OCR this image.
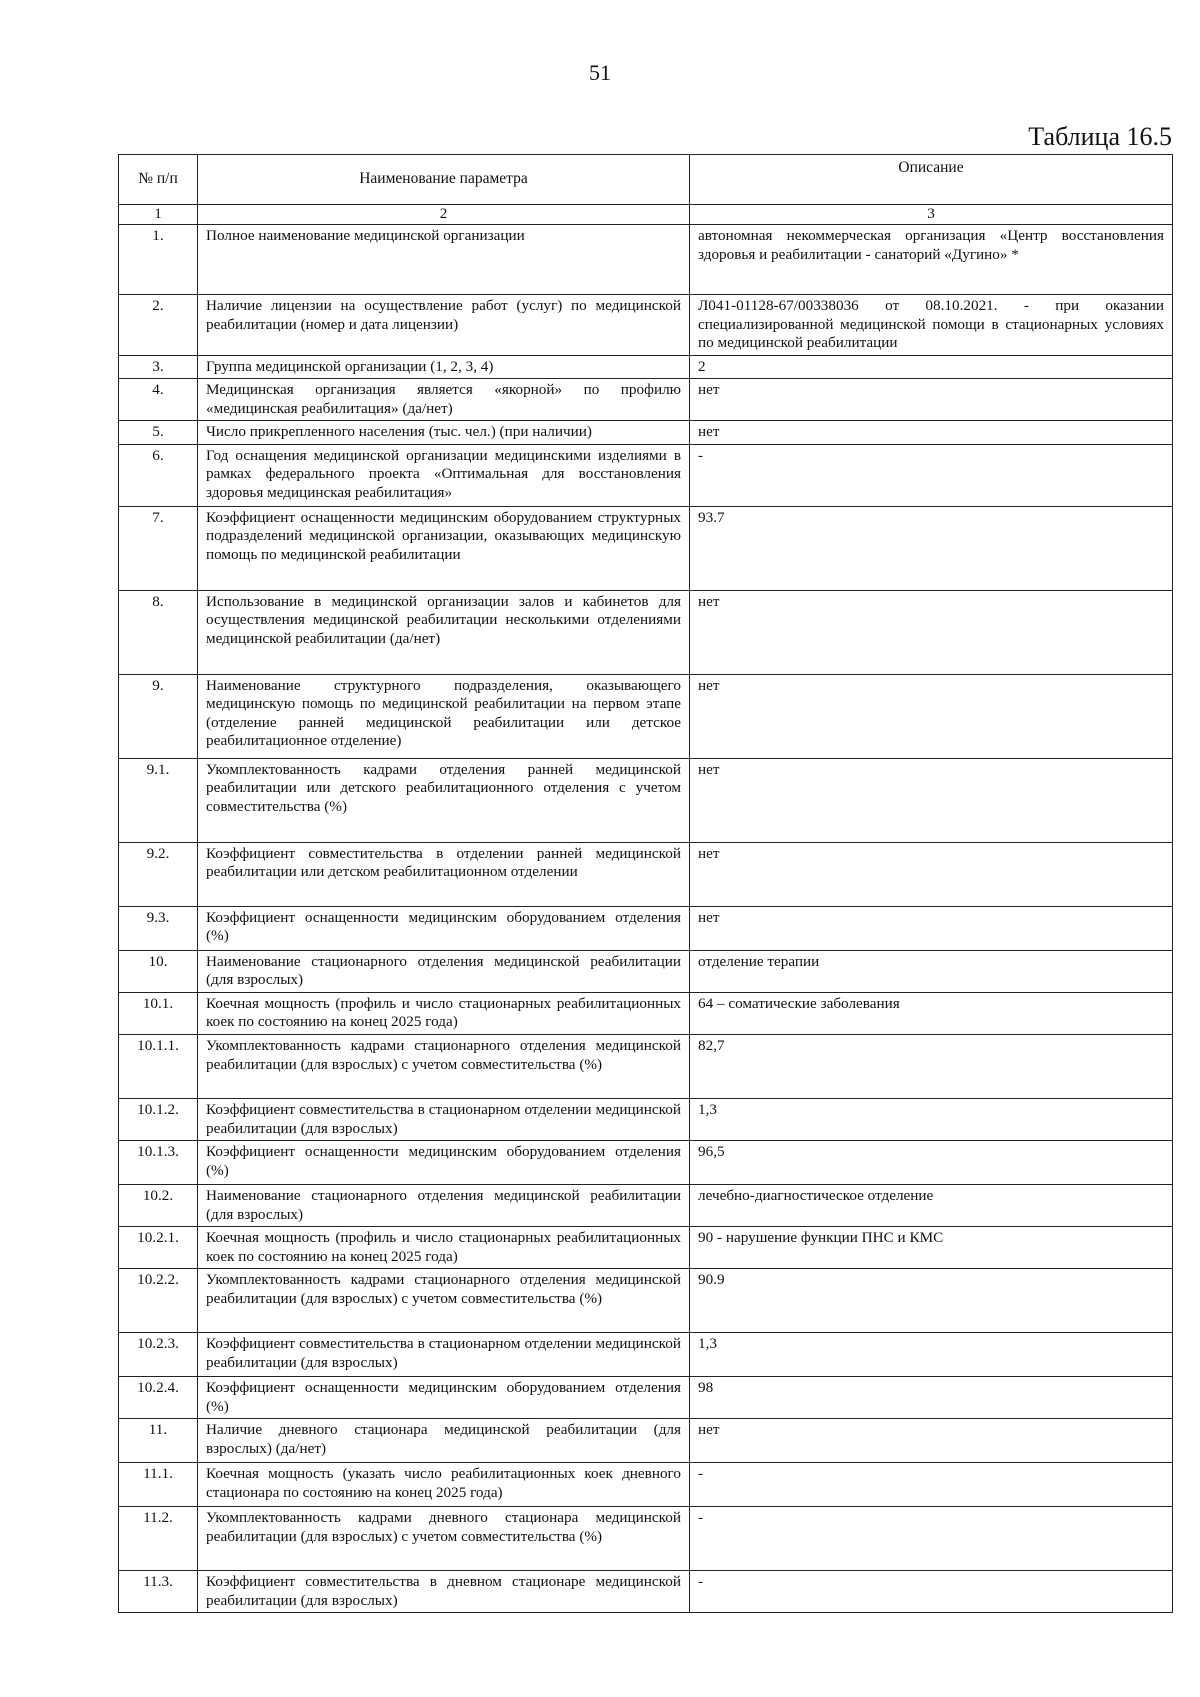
51
Таблица 16.5
№ п/п	Наименование параметра	Описание
1	2	3
1.	Полное наименование медицинской организации	автономная некоммерческая организация «Центр восстановления здоровья и реабилитации - санаторий «Дугино» *
2.	Наличие лицензии на осуществление работ (услуг) по медицинской реабилитации (номер и дата лицензии)	Л041-01128-67/00338036 от 08.10.2021. - при оказании специализированной медицинской помощи в стационарных условиях по медицинской реабилитации
3.	Группа медицинской организации (1, 2, 3, 4)	2
4.	Медицинская организация является «якорной» по профилю «медицинская реабилитация» (да/нет)	нет
5.	Число прикрепленного населения (тыс. чел.) (при наличии)	нет
6.	Год оснащения медицинской организации медицинскими изделиями в рамках федерального проекта «Оптимальная для восстановления здоровья медицинская реабилитация»	-
7.	Коэффициент оснащенности медицинским оборудованием структурных подразделений медицинской организации, оказывающих медицинскую помощь по медицинской реабилитации	93.7
8.	Использование в медицинской организации залов и кабинетов для осуществления медицинской реабилитации несколькими отделениями медицинской реабилитации (да/нет)	нет
9.	Наименование структурного подразделения, оказывающего медицинскую помощь по медицинской реабилитации на первом этапе (отделение ранней медицинской реабилитации или детское реабилитационное отделение)	нет
9.1.	Укомплектованность кадрами отделения ранней медицинской реабилитации или детского реабилитационного отделения с учетом совместительства (%)	нет
9.2.	Коэффициент совместительства в отделении ранней медицинской реабилитации или детском реабилитационном отделении	нет
9.3.	Коэффициент оснащенности медицинским оборудованием отделения (%)	нет
10.	Наименование стационарного отделения медицинской реабилитации (для взрослых)	отделение терапии
10.1.	Коечная мощность (профиль и число стационарных реабилитационных коек по состоянию на конец 2025 года)	64 – соматические заболевания
10.1.1.	Укомплектованность кадрами стационарного отделения медицинской реабилитации (для взрослых) с учетом совместительства (%)	82,7
10.1.2.	Коэффициент совместительства в стационарном отделении медицинской реабилитации (для взрослых)	1,3
10.1.3.	Коэффициент оснащенности медицинским оборудованием отделения (%)	96,5
10.2.	Наименование стационарного отделения медицинской реабилитации (для взрослых)	лечебно-диагностическое отделение
10.2.1.	Коечная мощность (профиль и число стационарных реабилитационных коек по состоянию на конец 2025 года)	90 - нарушение функции ПНС и КМС
10.2.2.	Укомплектованность кадрами стационарного отделения медицинской реабилитации (для взрослых) с учетом совместительства (%)	90.9
10.2.3.	Коэффициент совместительства в стационарном отделении медицинской реабилитации (для взрослых)	1,3
10.2.4.	Коэффициент оснащенности медицинским оборудованием отделения (%)	98
11.	Наличие дневного стационара медицинской реабилитации (для взрослых) (да/нет)	нет
11.1.	Коечная мощность (указать число реабилитационных коек дневного стационара по состоянию на конец 2025 года)	-
11.2.	Укомплектованность кадрами дневного стационара медицинской реабилитации (для взрослых) с учетом совместительства (%)	-
11.3.	Коэффициент совместительства в дневном стационаре медицинской реабилитации (для взрослых)	-
